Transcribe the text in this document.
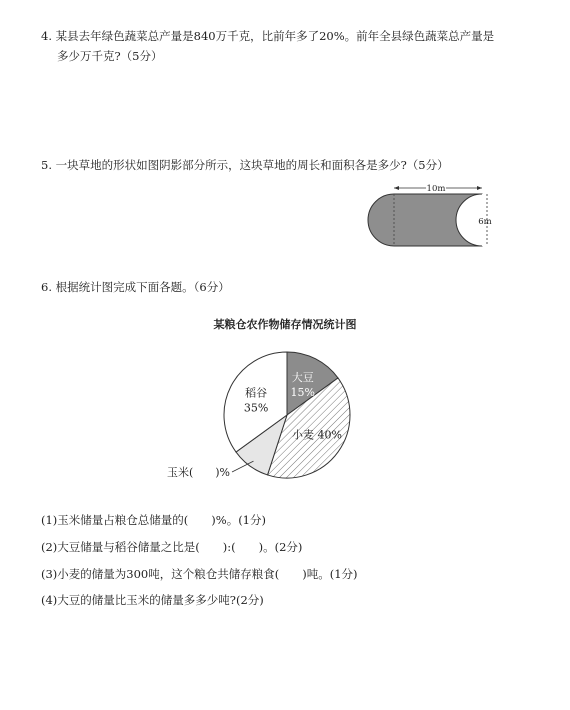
4. 某县去年绿色蔬菜总产量是840万千克，比前年多了20%。前年全县绿色蔬菜总产量是
多少万千克?（5分）
5. 一块草地的形状如图阴影部分所示，这块草地的周长和面积各是多少?（5分）
10m
6m
6. 根据统计图完成下面各题。（6分）
某粮仓农作物储存情况统计图
大豆
15%
小麦 40%
玉米(　　)%
稻谷
35%
(1)玉米储量占粮仓总储量的(　　)%。(1分)
(2)大豆储量与稻谷储量之比是(　　):(　　)。(2分)
(3)小麦的储量为300吨，这个粮仓共储存粮食(　　)吨。(1分)
(4)大豆的储量比玉米的储量多多少吨?(2分)
